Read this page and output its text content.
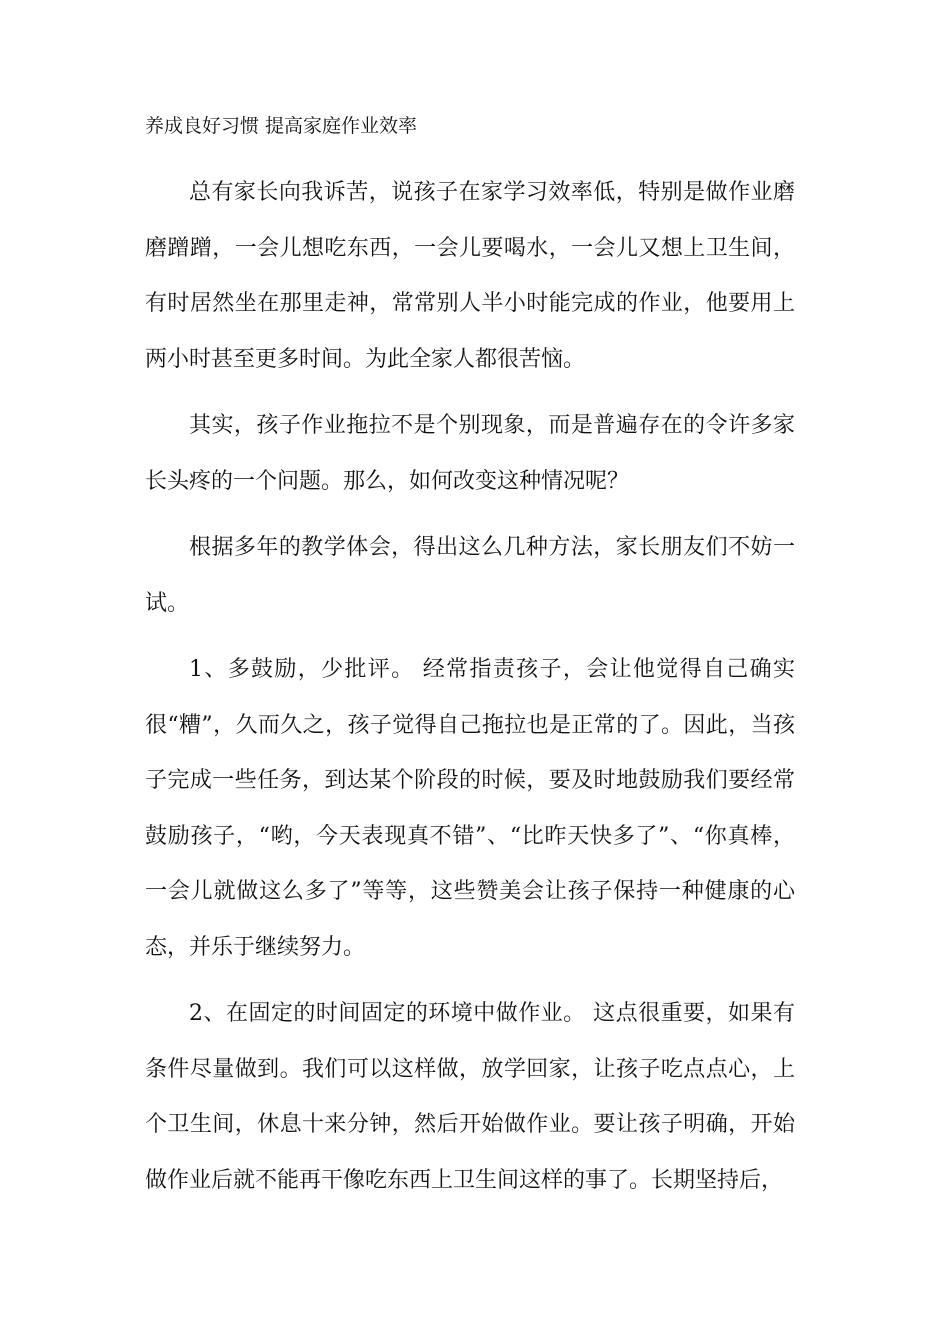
养成良好习惯 提高家庭作业效率

总有家长向我诉苦，说孩子在家学习效率低，特别是做作业磨磨蹭蹭，一会儿想吃东西，一会儿要喝水，一会儿又想上卫生间，有时居然坐在那里走神，常常别人半小时能完成的作业，他要用上两小时甚至更多时间。为此全家人都很苦恼。

其实，孩子作业拖拉不是个别现象，而是普遍存在的令许多家长头疼的一个问题。那么，如何改变这种情况呢？

根据多年的教学体会，得出这么几种方法，家长朋友们不妨一试。

1、多鼓励，少批评。 经常指责孩子，会让他觉得自己确实很“糟”，久而久之，孩子觉得自己拖拉也是正常的了。因此，当孩子完成一些任务，到达某个阶段的时候，要及时地鼓励我们要经常鼓励孩子，“哟，今天表现真不错”、“比昨天快多了”、“你真棒，一会儿就做这么多了”等等，这些赞美会让孩子保持一种健康的心态，并乐于继续努力。

2、在固定的时间固定的环境中做作业。 这点很重要，如果有条件尽量做到。我们可以这样做，放学回家，让孩子吃点点心，上个卫生间，休息十来分钟，然后开始做作业。要让孩子明确，开始做作业后就不能再干像吃东西上卫生间这样的事了。长期坚持后，
